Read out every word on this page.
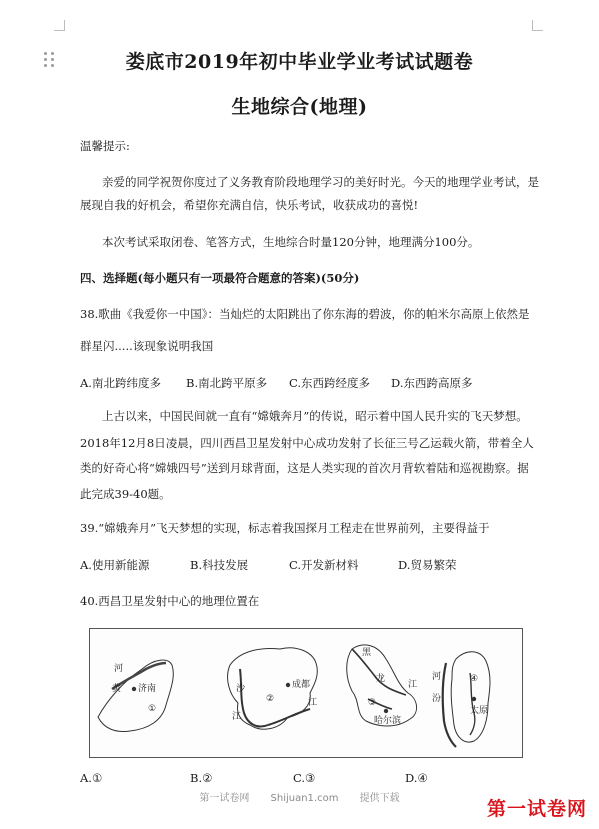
娄底市2019年初中毕业学业考试试题卷
生地综合(地理)
温馨提示:
亲爱的同学祝贺你度过了义务教育阶段地理学习的美好时光。今天的地理学业考试，是
展现自我的好机会，希望你充满自信，快乐考试，收获成功的喜悦!
本次考试采取闭卷、笔答方式，生地综合时量120分钟，地理满分100分。
四、选择题(每小题只有一项最符合题意的答案)(50分)
38.歌曲《我爱你一中国》：当灿烂的太阳跳出了你东海的碧波，你的帕米尔高原上依然是
群星闪.....该现象说明我国
A.南北跨纬度多 B.南北跨平原多 C.东西跨经度多 D.东西跨高原多
上古以来，中国民间就一直有“嫦娥奔月”的传说，昭示着中国人民升实的飞天梦想。
2018年12月8日凌晨，四川西昌卫星发射中心成功发射了长征三号乙运载火箭，带着全人
类的好奇心将“嫦娥四号”送到月球背面，这是人类实现的首次月背软着陆和巡视勘察。据
此完成39-40题。
39.“嫦娥奔月”飞天梦想的实现，标志着我国探月工程走在世界前列，主要得益于
A.使用新能源	B.科技发展	C.开发新材料	D.贸易繁荣
40.西昌卫星发射中心的地理位置在
河
黄 济南
①
②
成都
江
沙
江
黑
龙
江
③
哈尔滨
汾
河	④
太原
A.①	B.②	C.③	D.④
第一试卷网 Shijuan1.com 提供下载	第一试卷网
